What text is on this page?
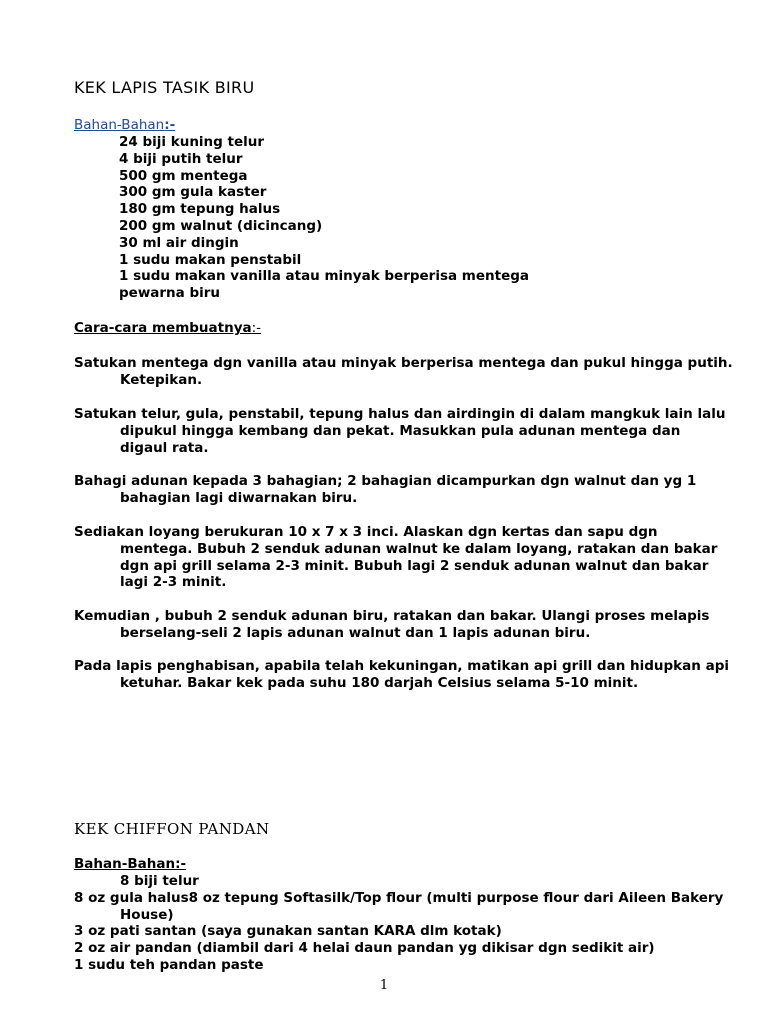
KEK LAPIS TASIK BIRU
Bahan-Bahan:-
24 biji kuning telur
4 biji putih telur
500 gm mentega
300 gm gula kaster
180 gm tepung halus
200 gm walnut (dicincang)
30 ml air dingin
1 sudu makan penstabil
1 sudu makan vanilla atau minyak berperisa mentega
pewarna biru
Cara-cara membuatnya:-

Satukan mentega dgn vanilla atau minyak berperisa mentega dan pukul hingga putih.
Ketepikan.

Satukan telur, gula, penstabil, tepung halus dan airdingin di dalam mangkuk lain lalu
dipukul hingga kembang dan pekat. Masukkan pula adunan mentega dan
digaul rata.

Bahagi adunan kepada 3 bahagian; 2 bahagian dicampurkan dgn walnut dan yg 1
bahagian lagi diwarnakan biru.

Sediakan loyang berukuran 10 x 7 x 3 inci. Alaskan dgn kertas dan sapu dgn
mentega. Bubuh 2 senduk adunan walnut ke dalam loyang, ratakan dan bakar
dgn api grill selama 2-3 minit. Bubuh lagi 2 senduk adunan walnut dan bakar
lagi 2-3 minit.

Kemudian , bubuh 2 senduk adunan biru, ratakan dan bakar. Ulangi proses melapis
berselang-seli 2 lapis adunan walnut dan 1 lapis adunan biru.

Pada lapis penghabisan, apabila telah kekuningan, matikan api grill dan hidupkan api
ketuhar. Bakar kek pada suhu 180 darjah Celsius selama 5-10 minit.

KEK CHIFFON PANDAN
Bahan-Bahan:-
8 biji telur
8 oz gula halus8 oz tepung Softasilk/Top flour (multi purpose flour dari Aileen Bakery
House)
3 oz pati santan (saya gunakan santan KARA dlm kotak)
2 oz air pandan (diambil dari 4 helai daun pandan yg dikisar dgn sedikit air)
1 sudu teh pandan paste
1
